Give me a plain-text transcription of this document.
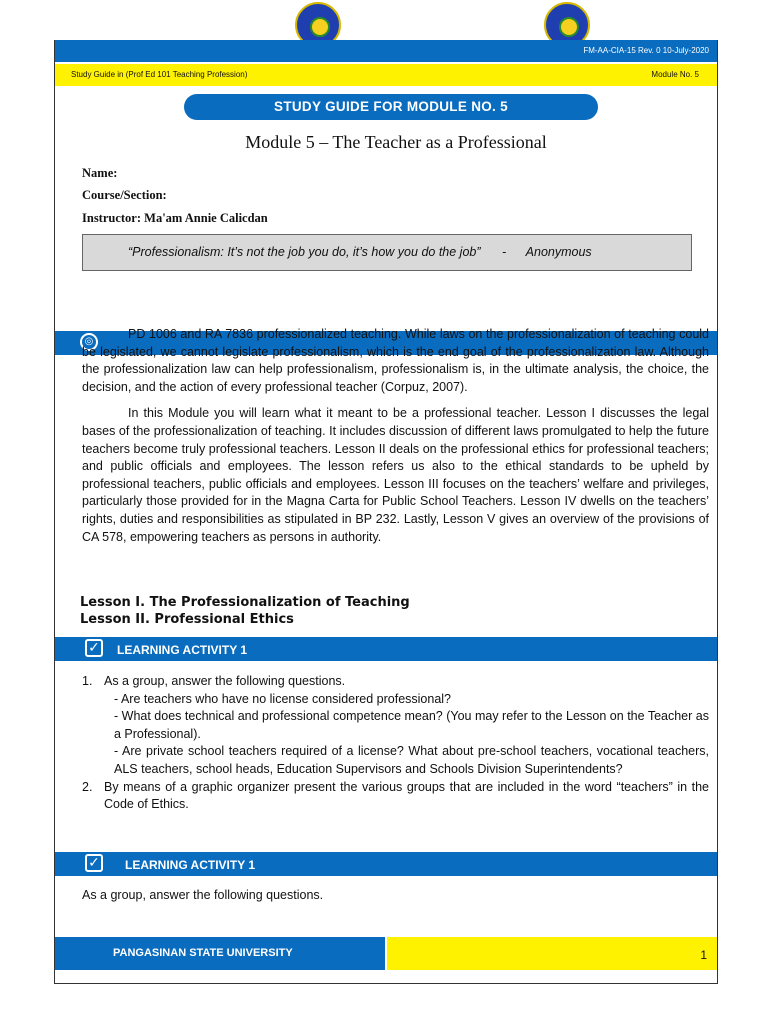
FM-AA-CIA-15 Rev. 0 10-July-2020
Study Guide in (Prof Ed 101 Teaching Profession)	Module No. 5
STUDY GUIDE FOR MODULE NO. 5
Module 5 – The Teacher as a Professional
Name:
Course/Section:
Instructor: Ma'am Annie Calicdan
“Professionalism: It’s not the job you do, it’s how you do the job” - Anonymous
◎

PD 1006 and RA 7836 professionalized teaching. While laws on the professionalization of teaching could be legislated, we cannot legislate professionalism, which is the end goal of the professionalization law. Although the professionalization law can help professionalism, professionalism is, in the ultimate analysis, the choice, the decision, and the action of every professional teacher (Corpuz, 2007).

In this Module you will learn what it meant to be a professional teacher. Lesson I discusses the legal bases of the professionalization of teaching. It includes discussion of different laws promulgated to help the future teachers become truly professional teachers. Lesson II deals on the professional ethics for professional teachers; and public officials and employees. The lesson refers us also to the ethical standards to be upheld by professional teachers, public officials and employees. Lesson III focuses on the teachers’ welfare and privileges, particularly those provided for in the Magna Carta for Public School Teachers. Lesson IV dwells on the teachers’ rights, duties and responsibilities as stipulated in BP 232. Lastly, Lesson V gives an overview of the provisions of CA 578, empowering teachers as persons in authority.

Lesson I. The Professionalization of Teaching
Lesson II. Professional Ethics
✓ LEARNING ACTIVITY 1
1. As a group, answer the following questions.
- Are teachers who have no license considered professional?
- What does technical and professional competence mean? (You may refer to the Lesson on the Teacher as a Professional).
- Are private school teachers required of a license? What about pre-school teachers, vocational teachers, ALS teachers, school heads, Education Supervisors and Schools Division Superintendents?
2. By means of a graphic organizer present the various groups that are included in the word “teachers” in the Code of Ethics.
✓ LEARNING ACTIVITY 1
As a group, answer the following questions.
PANGASINAN STATE UNIVERSITY	1
